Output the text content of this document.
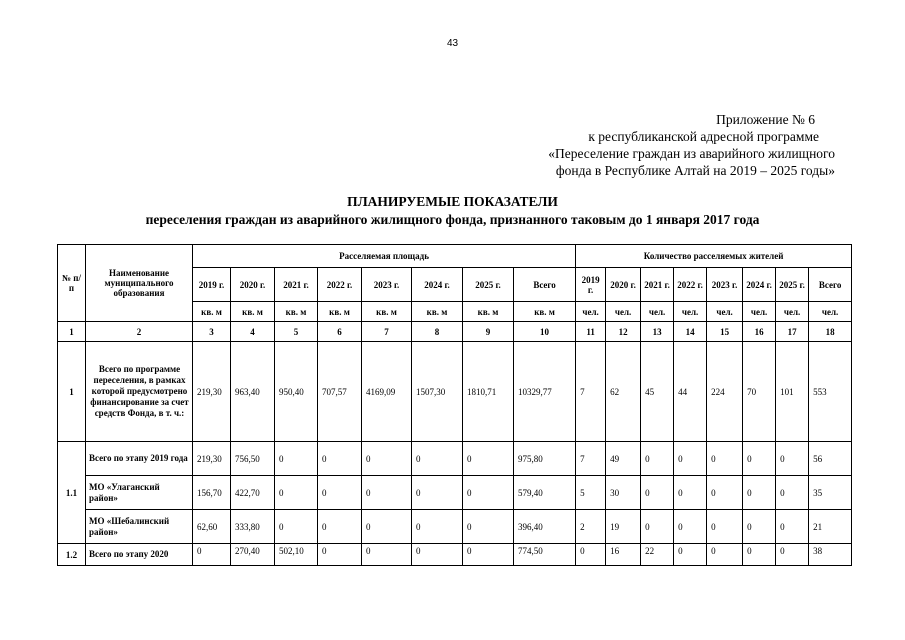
43
Приложение № 6
к республиканской адресной программе
«Переселение граждан из аварийного жилищного
фонда в Республике Алтай на 2019 – 2025 годы»
ПЛАНИРУЕМЫЕ ПОКАЗАТЕЛИ
переселения граждан из аварийного жилищного фонда, признанного таковым до 1 января 2017 года
№ п/п	Наименование муниципального образования	Расселяемая площадь								Количество расселяемых жителей							
		2019 г.	2020 г.	2021 г.	2022 г.	2023 г.	2024 г.	2025 г.	Всего	2019 г.	2020 г.	2021 г.	2022 г.	2023 г.	2024 г.	2025 г.	Всего
		кв. м	кв. м	кв. м	кв. м	кв. м	кв. м	кв. м	кв. м	чел.	чел.	чел.	чел.	чел.	чел.	чел.	чел.
1	2	3	4	5	6	7	8	9	10	11	12	13	14	15	16	17	18
1	Всего по программе переселения, в рамках которой предусмотрено финансирование за счет средств Фонда, в т. ч.:	219,30	963,40	950,40	707,57	4169,09	1507,30	1810,71	10329,77	7	62	45	44	224	70	101	553
1.1	Всего по этапу 2019 года	219,30	756,50	0	0	0	0	0	975,80	7	49	0	0	0	0	0	56
	МО «Улаганский район»	156,70	422,70	0	0	0	0	0	579,40	5	30	0	0	0	0	0	35
	МО «Шебалинский район»	62,60	333,80	0	0	0	0	0	396,40	2	19	0	0	0	0	0	21
1.2	Всего по этапу 2020	0	270,40	502,10	0	0	0	0	774,50	0	16	22	0	0	0	0	38
